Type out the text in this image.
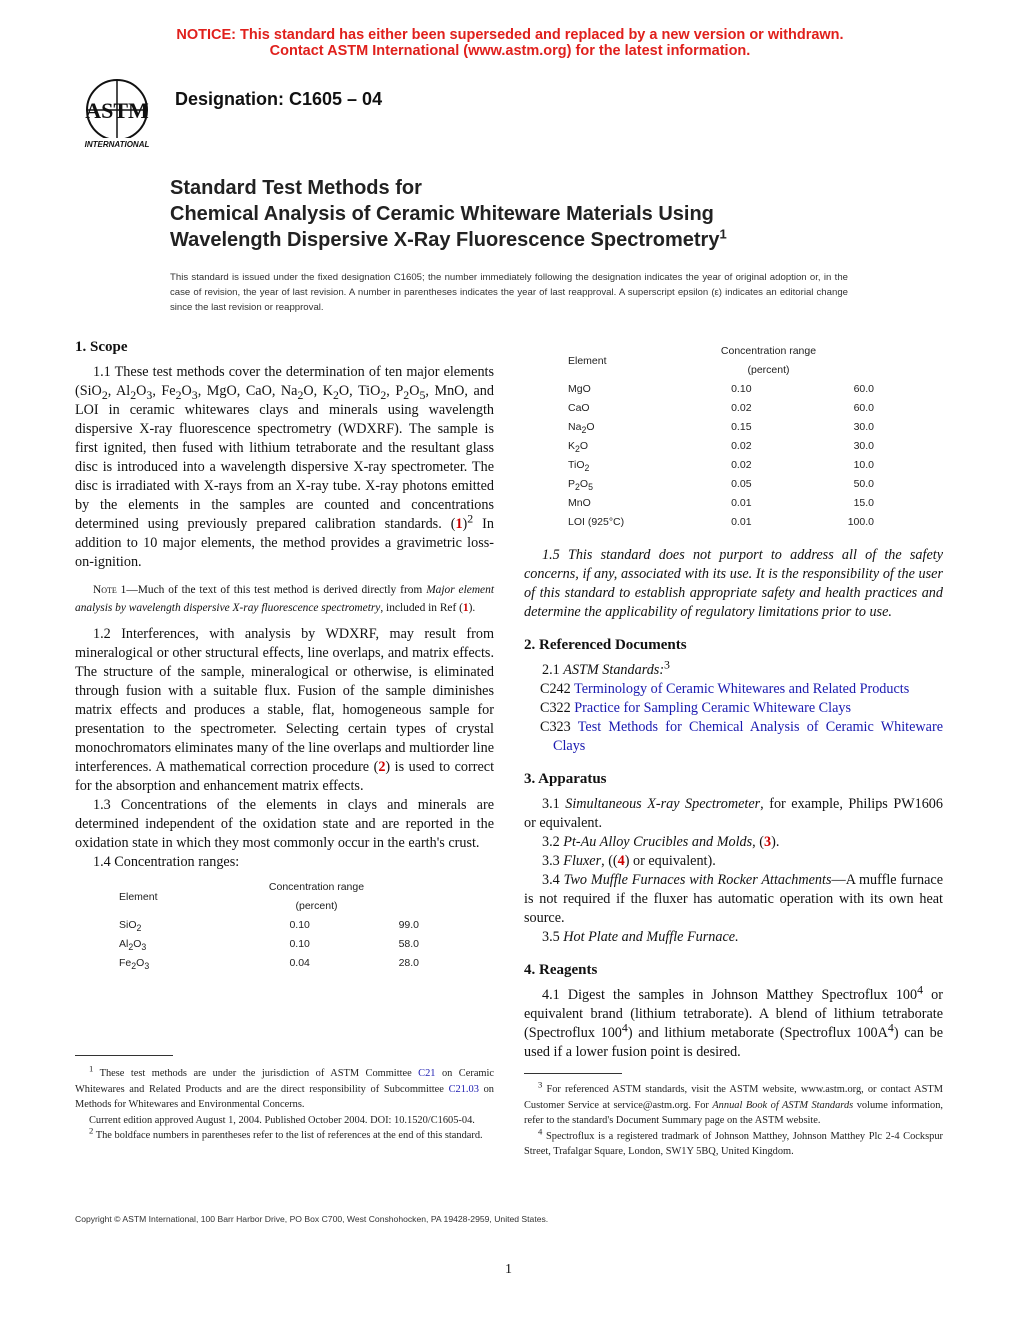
NOTICE: This standard has either been superseded and replaced by a new version or withdrawn.
Contact ASTM International (www.astm.org) for the latest information.
ASTM
INTERNATIONAL
Designation: C1605 – 04
Standard Test Methods for
Chemical Analysis of Ceramic Whiteware Materials Using
Wavelength Dispersive X-Ray Fluorescence Spectrometry$^1$
This standard is issued under the fixed designation C1605; the number immediately following the designation indicates the year of original adoption or, in the case of revision, the year of last revision. A number in parentheses indicates the year of last reapproval. A superscript epsilon (ε) indicates an editorial change since the last revision or reapproval.

1. Scope

1.1 These test methods cover the determination of ten major elements (SiO$_2$, $Al_2O_3$, $Fe_2O_3$, MgO, CaO, $Na_2O$, $K_2O$, TiO$_2$, $P_2O_5$, MnO, and LOI in ceramic whitewares clays and minerals using wavelength dispersive X-ray fluorescence spectrometry (WDXRF). The sample is first ignited, then fused with lithium tetraborate and the resultant glass disc is introduced into a wavelength dispersive X-ray spectrometer. The disc is irradiated with X-rays from an X-ray tube. X-ray photons emitted by the elements in the samples are counted and concentrations determined using previously prepared calibration standards. $(1)^2$ In addition to 10 major elements, the method provides a gravimetric loss-on-ignition.

Note 1—Much of the text of this test method is derived directly from Major element analysis by wavelength dispersive X-ray fluorescence spectrometry, included in Ref (1).

1.2 Interferences, with analysis by WDXRF, may result from mineralogical or other structural effects, line overlaps, and matrix effects. The structure of the sample, mineralogical or otherwise, is eliminated through fusion with a suitable flux. Fusion of the sample diminishes matrix effects and produces a stable, flat, homogeneous sample for presentation to the spectrometer. Selecting certain types of crystal monochromators eliminates many of the line overlaps and multiorder line interferences. A mathematical correction procedure (2) is used to correct for the absorption and enhancement matrix effects.

1.3 Concentrations of the elements in clays and minerals are determined independent of the oxidation state and are reported in the oxidation state in which they most commonly occur in the earth's crust.

1.4 Concentration ranges:

Element	Concentration range	
	(percent)	
SiO$_2$	0.10	99.0
$Al_2O_3$	0.10	58.0
$Fe_2O_3$	0.04	28.0

$^1$ These test methods are under the jurisdiction of ASTM Committee C21 on Ceramic Whitewares and Related Products and are the direct responsibility of Subcommittee C21.03 on Methods for Whitewares and Environmental Concerns.

Current edition approved August 1, 2004. Published October 2004. DOI: 10.1520/C1605-04.

$^2$ The boldface numbers in parentheses refer to the list of references at the end of this standard.

Element	Concentration range	
	(percent)	
MgO	0.10	60.0
CaO	0.02	60.0
$Na_2O$	0.15	30.0
$K_2O$	0.02	30.0
TiO$_2$	0.02	10.0
$P_2O_5$	0.05	50.0
MnO	0.01	15.0
LOI (925°C)	0.01	100.0

1.5 This standard does not purport to address all of the safety concerns, if any, associated with its use. It is the responsibility of the user of this standard to establish appropriate safety and health practices and determine the applicability of regulatory limitations prior to use.

2. Referenced Documents

2.1 ASTM Standards:$^3$

C242 Terminology of Ceramic Whitewares and Related Products
C322 Practice for Sampling Ceramic Whiteware Clays
C323 Test Methods for Chemical Analysis of Ceramic Whiteware Clays

3. Apparatus

3.1 Simultaneous X-ray Spectrometer, for example, Philips PW1606 or equivalent.

3.2 Pt-Au Alloy Crucibles and Molds, (3).

3.3 Fluxer, ((4) or equivalent).

3.4 Two Muffle Furnaces with Rocker Attachments—A muffle furnace is not required if the fluxer has automatic operation with its own heat source.

3.5 Hot Plate and Muffle Furnace.

4. Reagents

4.1 Digest the samples in Johnson Matthey Spectroflux $100^4$ or equivalent brand (lithium tetraborate). A blend of lithium tetraborate (Spectroflux $100^4$) and lithium metaborate (Spectroflux $100A^4$) can be used if a lower fusion point is desired.

$^3$ For referenced ASTM standards, visit the ASTM website, www.astm.org, or contact ASTM Customer Service at service@astm.org. For Annual Book of ASTM Standards volume information, refer to the standard's Document Summary page on the ASTM website.

$^4$ Spectroflux is a registered tradmark of Johnson Matthey, Johnson Matthey Plc 2-4 Cockspur Street, Trafalgar Square, London, SW1Y 5BQ, United Kingdom.

Copyright © ASTM International, 100 Barr Harbor Drive, PO Box C700, West Conshohocken, PA 19428-2959, United States.
1
